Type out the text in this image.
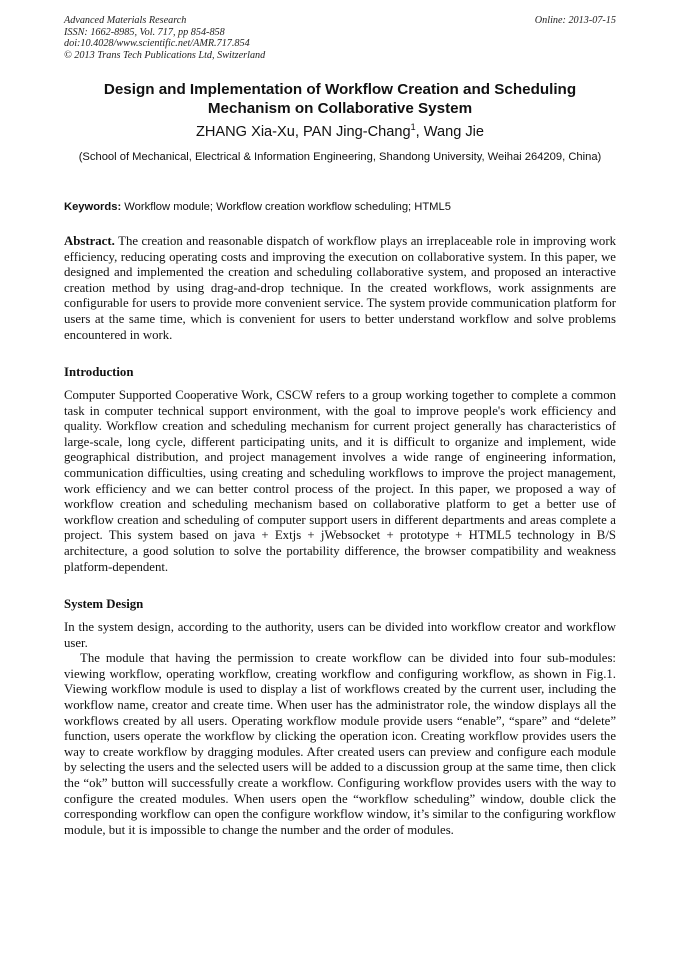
Advanced Materials Research
ISSN: 1662-8985, Vol. 717, pp 854-858
doi:10.4028/www.scientific.net/AMR.717.854
© 2013 Trans Tech Publications Ltd, Switzerland
Online: 2013-07-15
Design and Implementation of Workflow Creation and Scheduling Mechanism on Collaborative System
ZHANG Xia-Xu, PAN Jing-Chang$^1$, Wang Jie
(School of Mechanical, Electrical & Information Engineering, Shandong University, Weihai 264209, China)
Keywords: Workflow module; Workflow creation workflow scheduling; HTML5
Abstract. The creation and reasonable dispatch of workflow plays an irreplaceable role in improving work efficiency, reducing operating costs and improving the execution on collaborative system. In this paper, we designed and implemented the creation and scheduling collaborative system, and proposed an interactive creation method by using drag-and-drop technique. In the created workflows, work assignments are configurable for users to provide more convenient service. The system provide communication platform for users at the same time, which is convenient for users to better understand workflow and solve problems encountered in work.
Introduction
Computer Supported Cooperative Work, CSCW refers to a group working together to complete a common task in computer technical support environment, with the goal to improve people's work efficiency and quality. Workflow creation and scheduling mechanism for current project generally has characteristics of large-scale, long cycle, different participating units, and it is difficult to organize and implement, wide geographical distribution, and project management involves a wide range of engineering information, communication difficulties, using creating and scheduling workflows to improve the project management, work efficiency and we can better control process of the project. In this paper, we proposed a way of workflow creation and scheduling mechanism based on collaborative platform to get a better use of workflow creation and scheduling of computer support users in different departments and areas complete a project. This system based on java + Extjs + jWebsocket + prototype + HTML5 technology in B/S architecture, a good solution to solve the portability difference, the browser compatibility and weakness platform-dependent.
System Design

In the system design, according to the authority, users can be divided into workflow creator and workflow user.

The module that having the permission to create workflow can be divided into four sub-modules: viewing workflow, operating workflow, creating workflow and configuring workflow, as shown in Fig.1. Viewing workflow module is used to display a list of workflows created by the current user, including the workflow name, creator and create time. When user has the administrator role, the window displays all the workflows created by all users. Operating workflow module provide users “enable”, “spare” and “delete” function, users operate the workflow by clicking the operation icon. Creating workflow provides users the way to create workflow by dragging modules. After created users can preview and configure each module by selecting the users and the selected users will be added to a discussion group at the same time, then click the “ok” button will successfully create a workflow. Configuring workflow provides users with the way to configure the created modules. When users open the “workflow scheduling” window, double click the corresponding workflow can open the configure workflow window, it’s similar to the configuring workflow module, but it is impossible to change the number and the order of modules.
